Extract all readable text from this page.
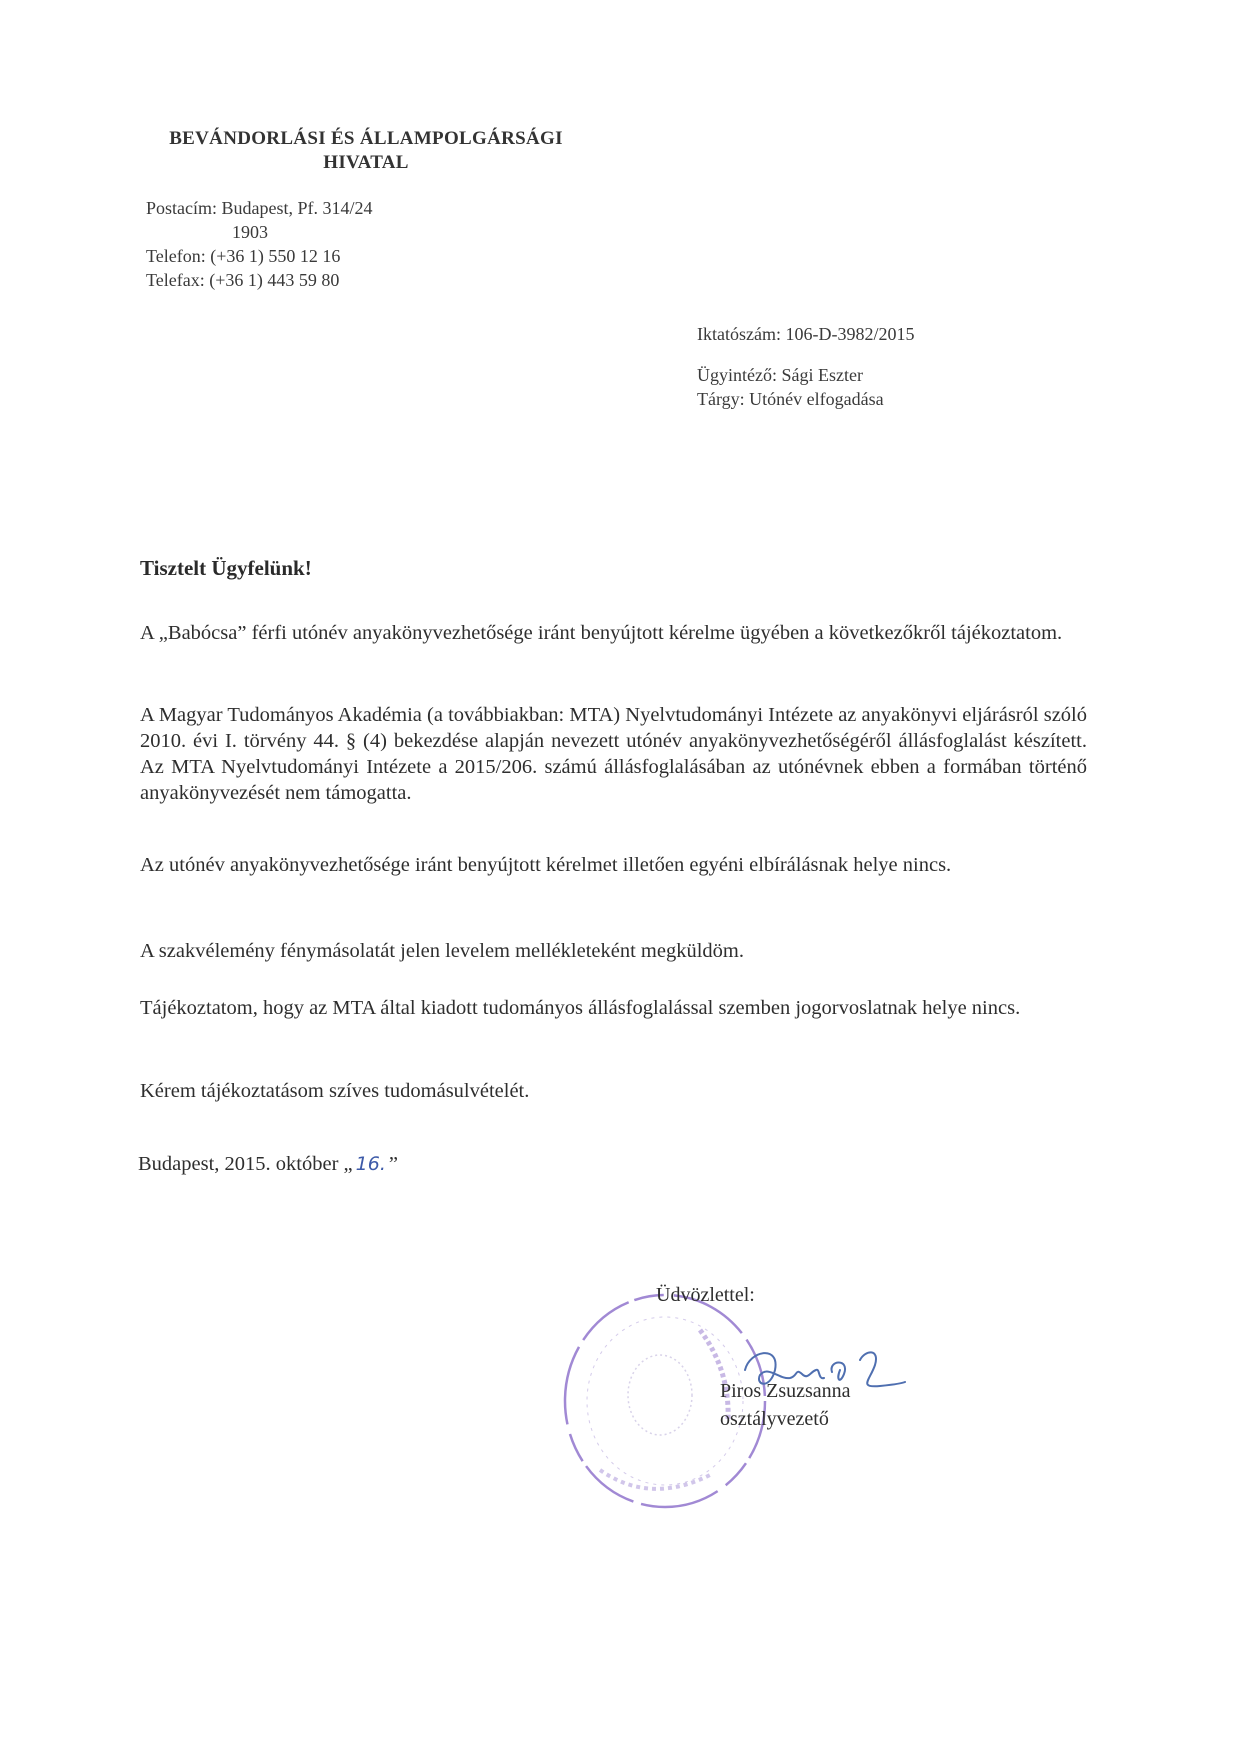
BEVÁNDORLÁSI ÉS ÁLLAMPOLGÁRSÁGI
HIVATAL
Postacím: Budapest, Pf. 314/24
1903
Telefon: (+36 1) 550 12 16
Telefax: (+36 1) 443 59 80
Iktatószám: 106-D-3982/2015
Ügyintéző: Sági Eszter
Tárgy: Utónév elfogadása
Tisztelt Ügyfelünk!
A „Babócsa” férfi utónév anyakönyvezhetősége iránt benyújtott kérelme ügyében a következőkről tájékoztatom.
A Magyar Tudományos Akadémia (a továbbiakban: MTA) Nyelvtudományi Intézete az anyakönyvi eljárásról szóló 2010. évi I. törvény 44. § (4) bekezdése alapján nevezett utónév anyakönyvezhetőségéről állásfoglalást készített. Az MTA Nyelvtudományi Intézete a 2015/206. számú állásfoglalásában az utónévnek ebben a formában történő anyakönyvezését nem támogatta.
Az utónév anyakönyvezhetősége iránt benyújtott kérelmet illetően egyéni elbírálásnak helye nincs.
A szakvélemény fénymásolatát jelen levelem mellékleteként megküldöm.
Tájékoztatom, hogy az MTA által kiadott tudományos állásfoglalással szemben jogorvoslatnak helye nincs.
Kérem tájékoztatásom szíves tudomásulvételét.
Budapest, 2015. október „ 16. ”
Üdvözlettel:
Piros Zsuzsanna
osztályvezető
